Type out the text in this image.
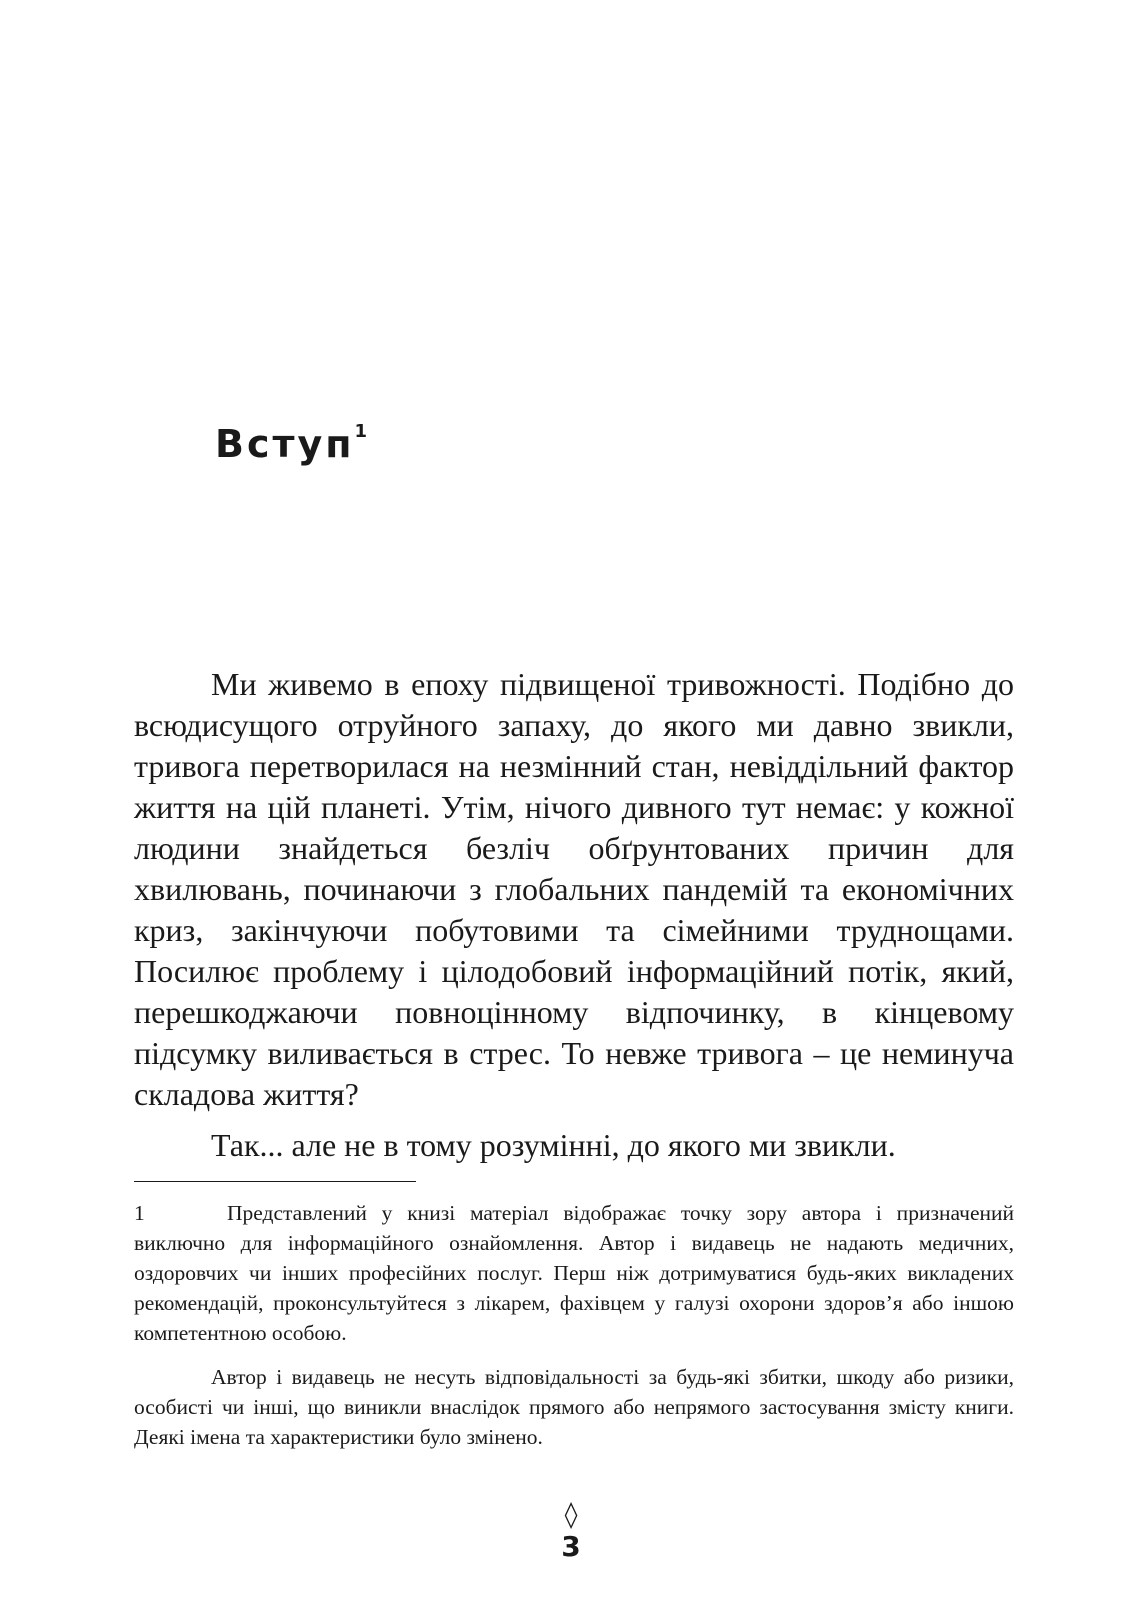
Вступ$^1$

Ми живемо в епоху підвищеної тривожності. Подібно до всюдисущого отруйного запаху, до якого ми давно звикли, тривога перетворилася на незмінний стан, невіддільний фактор життя на цій планеті. Утім, нічого дивного тут немає: у кожної людини знайдеться безліч обґрунтованих причин для хвилювань, починаючи з глобальних пандемій та економічних криз, закінчуючи побутовими та сімейними труднощами. Посилює проблему і цілодобовий інформаційний потік, який, перешкоджаючи повноцінному відпочинку, в кінцевому підсумку виливається в стрес. То невже тривога – це неминуча складова життя?

Так... але не в тому розумінні, до якого ми звикли.

1	Представлений у книзі матеріал відображає точку зору автора і призначений виключно для інформаційного ознайомлення. Автор і видавець не надають медичних, оздоровчих чи інших професійних послуг. Перш ніж дотримуватися будь-яких викладених рекомендацій, проконсультуйтеся з лікарем, фахівцем у галузі охорони здоров’я або іншою компетентною особою.

Автор і видавець не несуть відповідальності за будь-які збитки, шкоду або ризики, особисті чи інші, що виникли внаслідок прямого або непрямого застосування змісту книги. Деякі імена та характеристики було змінено.

◊
3
